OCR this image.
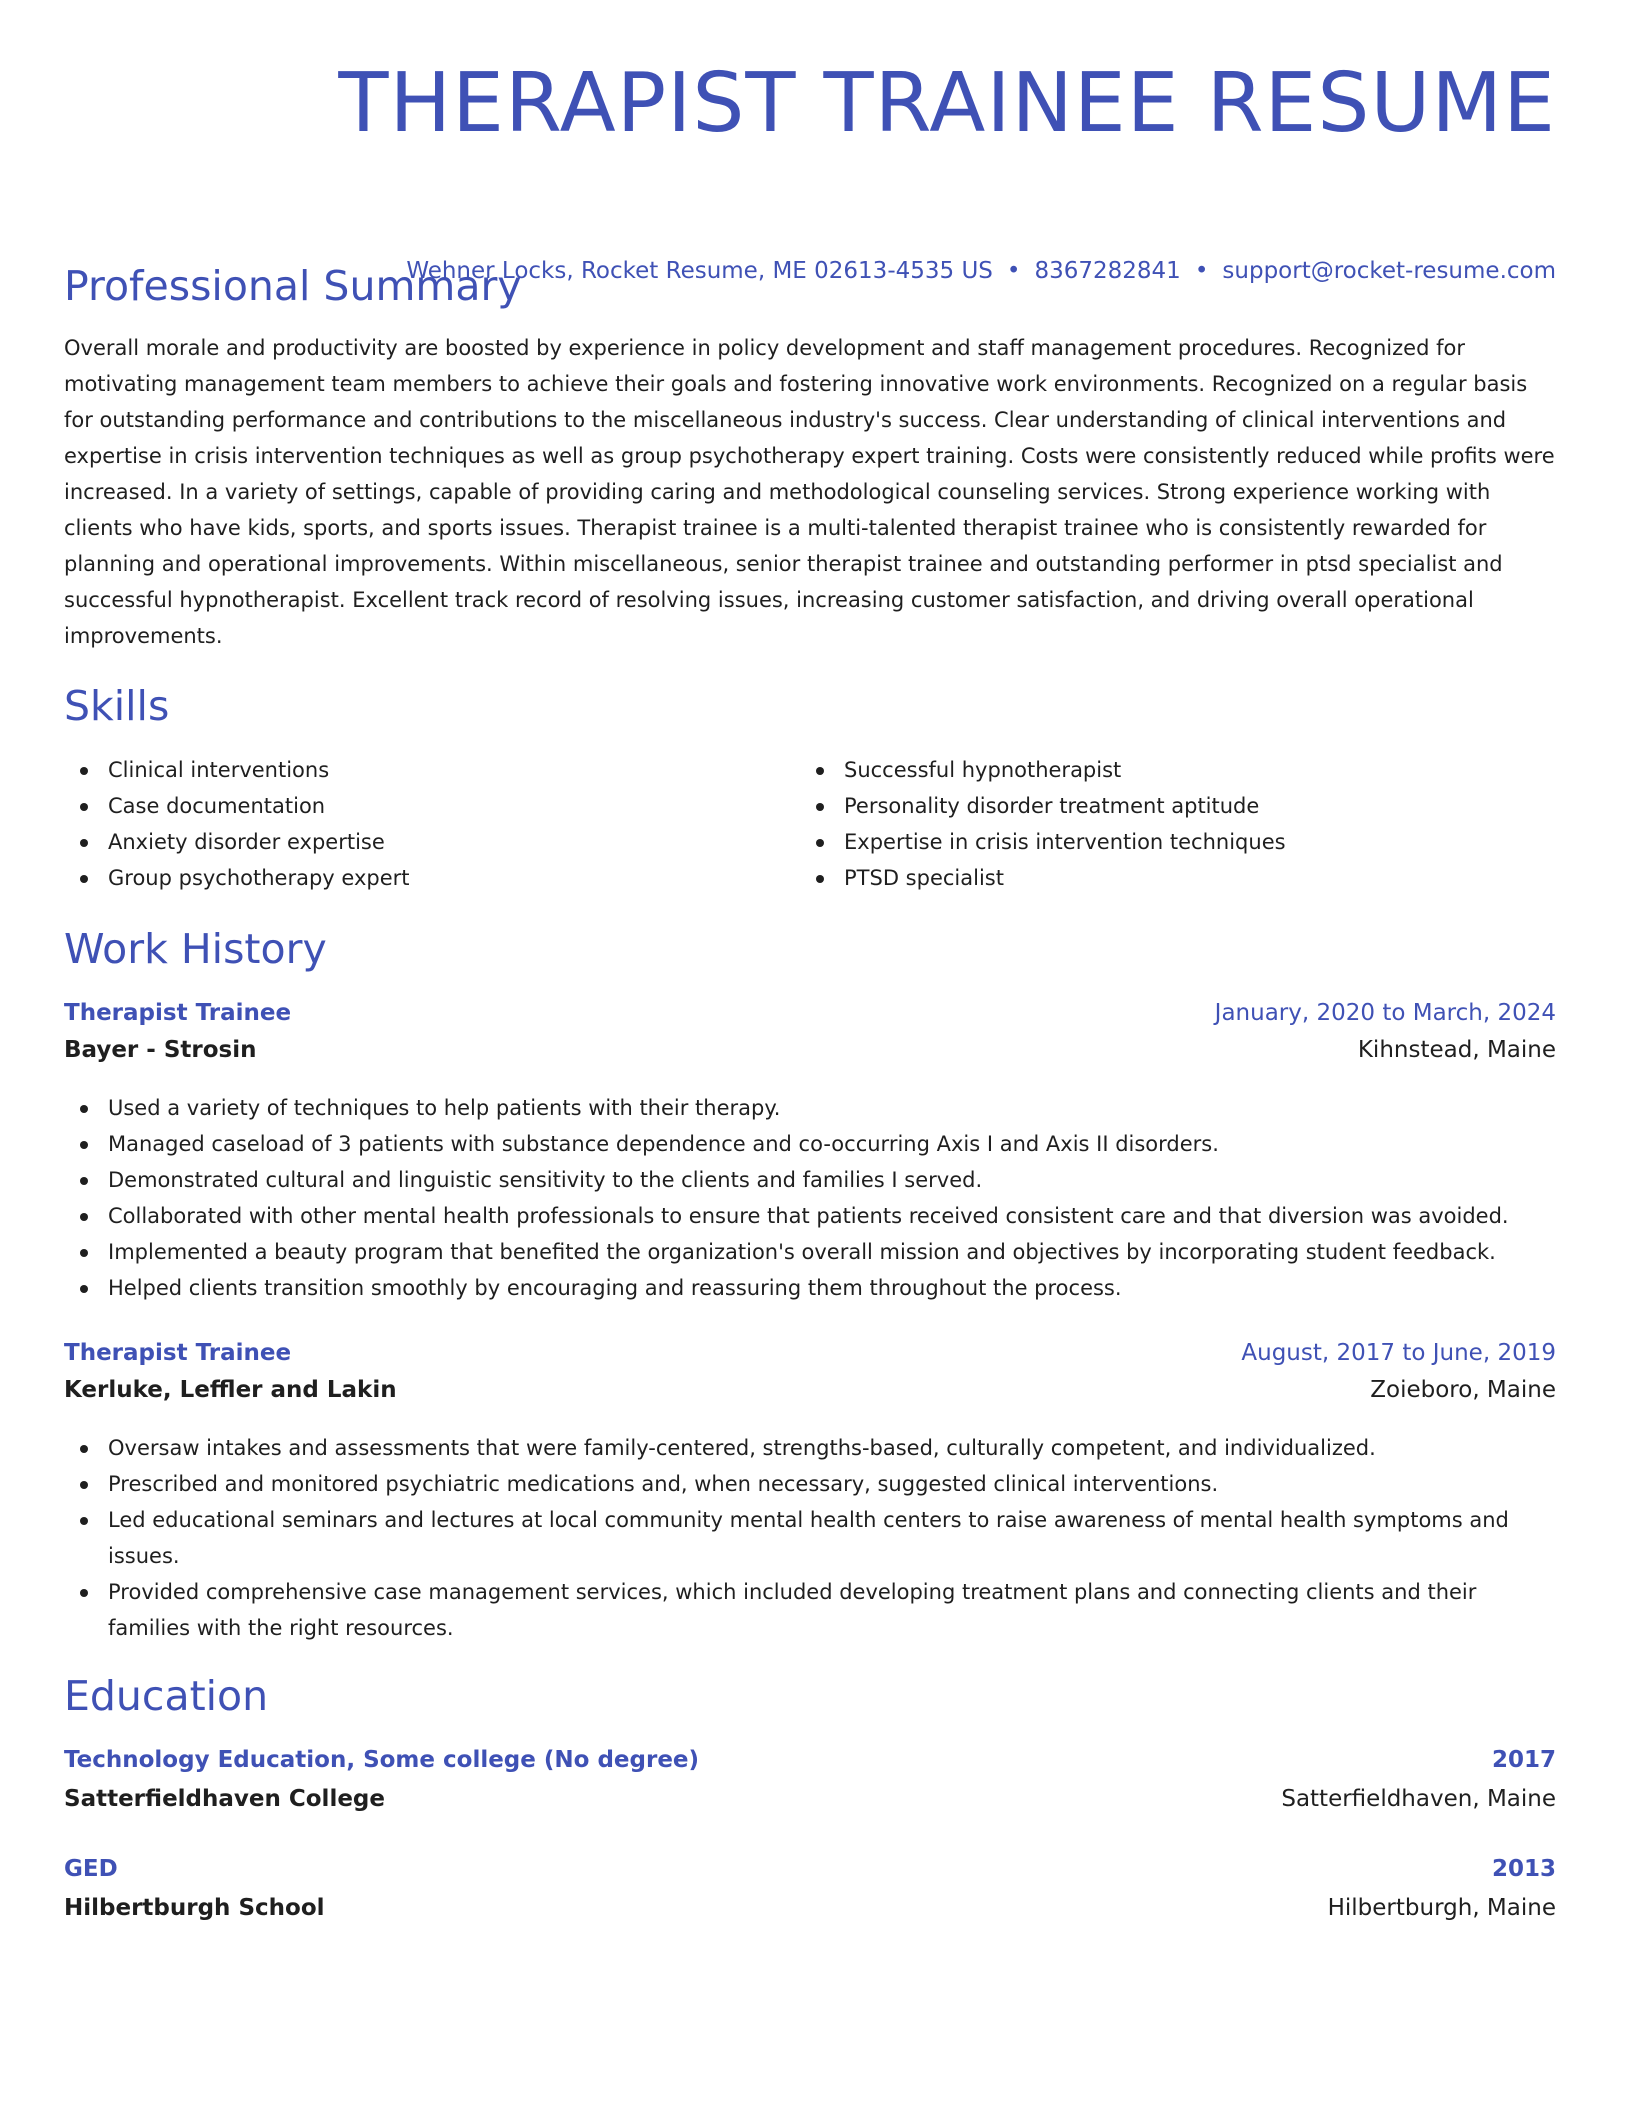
THERAPIST TRAINEE RESUME
Wehner Locks, Rocket Resume, ME 02613-4535 US • 8367282841 • support@rocket-resume.com
Professional Summary
Overall morale and productivity are boosted by experience in policy development and staff management procedures. Recognized for motivating management team members to achieve their goals and fostering innovative work environments. Recognized on a regular basis for outstanding performance and contributions to the miscellaneous industry's success. Clear understanding of clinical interventions and expertise in crisis intervention techniques as well as group psychotherapy expert training. Costs were consistently reduced while profits were increased. In a variety of settings, capable of providing caring and methodological counseling services. Strong experience working with clients who have kids, sports, and sports issues. Therapist trainee is a multi-talented therapist trainee who is consistently rewarded for planning and operational improvements. Within miscellaneous, senior therapist trainee and outstanding performer in ptsd specialist and successful hypnotherapist. Excellent track record of resolving issues, increasing customer satisfaction, and driving overall operational improvements.
Skills
Clinical interventions
Case documentation
Anxiety disorder expertise
Group psychotherapy expert
Successful hypnotherapist
Personality disorder treatment aptitude
Expertise in crisis intervention techniques
PTSD specialist
Work History
Therapist Trainee	January, 2020 to March, 2024
Bayer - Strosin	Kihnstead, Maine
Used a variety of techniques to help patients with their therapy.
Managed caseload of 3 patients with substance dependence and co-occurring Axis I and Axis II disorders.
Demonstrated cultural and linguistic sensitivity to the clients and families I served.
Collaborated with other mental health professionals to ensure that patients received consistent care and that diversion was avoided.
Implemented a beauty program that benefited the organization's overall mission and objectives by incorporating student feedback.
Helped clients transition smoothly by encouraging and reassuring them throughout the process.
Therapist Trainee	August, 2017 to June, 2019
Kerluke, Leffler and Lakin	Zoieboro, Maine
Oversaw intakes and assessments that were family-centered, strengths-based, culturally competent, and individualized.
Prescribed and monitored psychiatric medications and, when necessary, suggested clinical interventions.
Led educational seminars and lectures at local community mental health centers to raise awareness of mental health symptoms and issues.
Provided comprehensive case management services, which included developing treatment plans and connecting clients and their families with the right resources.
Education
Technology Education, Some college (No degree)	2017
Satterfieldhaven College	Satterfieldhaven, Maine
GED	2013
Hilbertburgh School	Hilbertburgh, Maine
